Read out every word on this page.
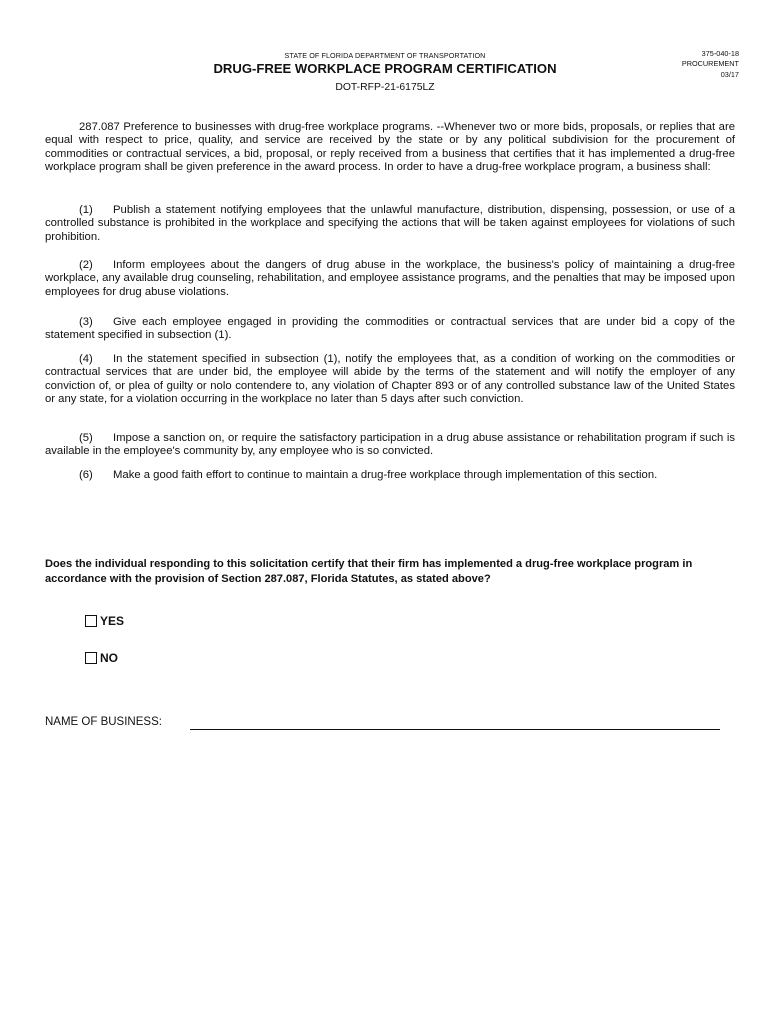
STATE OF FLORIDA DEPARTMENT OF TRANSPORTATION	375-040-18
PROCUREMENT
03/17
DRUG-FREE WORKPLACE PROGRAM CERTIFICATION
DOT-RFP-21-6175LZ
287.087 Preference to businesses with drug-free workplace programs. --Whenever two or more bids, proposals, or replies that are equal with respect to price, quality, and service are received by the state or by any political subdivision for the procurement of commodities or contractual services, a bid, proposal, or reply received from a business that certifies that it has implemented a drug-free workplace program shall be given preference in the award process. In order to have a drug-free workplace program, a business shall:
(1) Publish a statement notifying employees that the unlawful manufacture, distribution, dispensing, possession, or use of a controlled substance is prohibited in the workplace and specifying the actions that will be taken against employees for violations of such prohibition.
(2) Inform employees about the dangers of drug abuse in the workplace, the business's policy of maintaining a drug-free workplace, any available drug counseling, rehabilitation, and employee assistance programs, and the penalties that may be imposed upon employees for drug abuse violations.
(3) Give each employee engaged in providing the commodities or contractual services that are under bid a copy of the statement specified in subsection (1).
(4) In the statement specified in subsection (1), notify the employees that, as a condition of working on the commodities or contractual services that are under bid, the employee will abide by the terms of the statement and will notify the employer of any conviction of, or plea of guilty or nolo contendere to, any violation of Chapter 893 or of any controlled substance law of the United States or any state, for a violation occurring in the workplace no later than 5 days after such conviction.
(5) Impose a sanction on, or require the satisfactory participation in a drug abuse assistance or rehabilitation program if such is available in the employee's community by, any employee who is so convicted.
(6) Make a good faith effort to continue to maintain a drug-free workplace through implementation of this section.
Does the individual responding to this solicitation certify that their firm has implemented a drug-free workplace program in accordance with the provision of Section 287.087, Florida Statutes, as stated above?
YES
NO
NAME OF BUSINESS:
